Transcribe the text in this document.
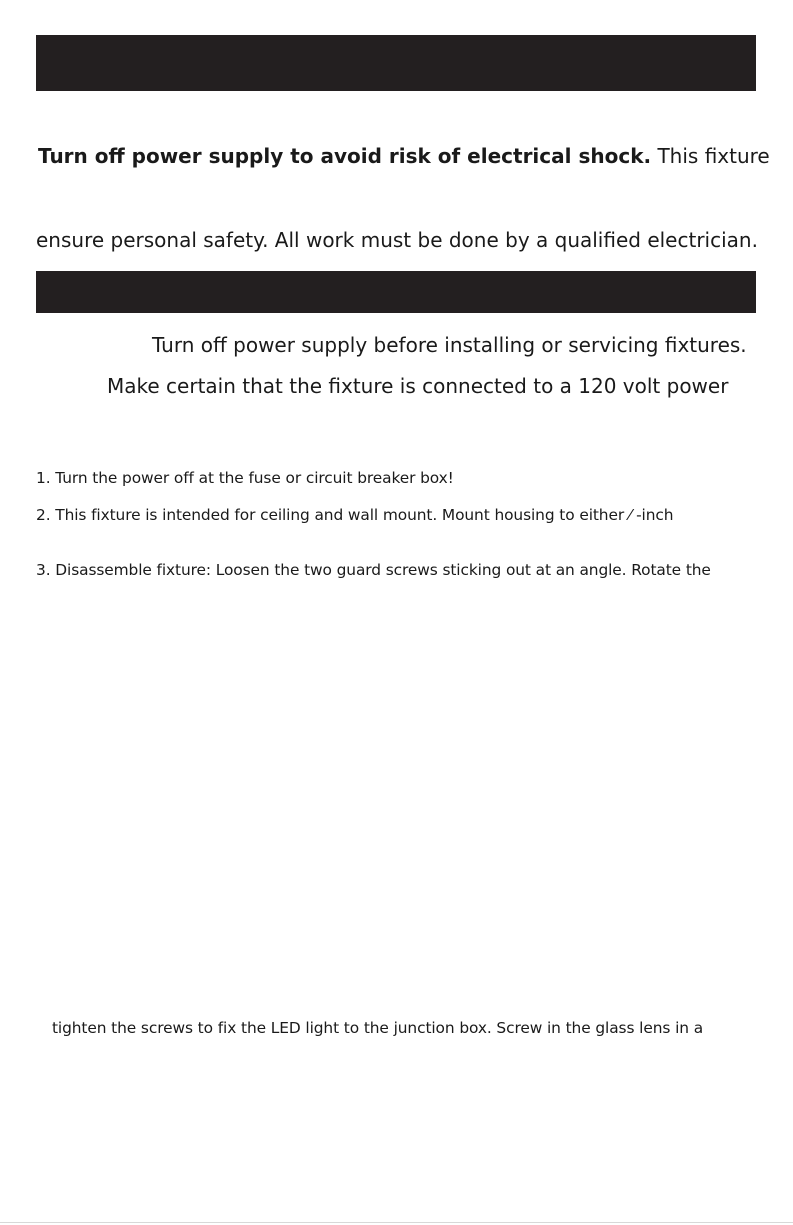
Turn off power supply to avoid risk of electrical shock. This fixture
ensure personal safety. All work must be done by a qualified electrician.
Turn off power supply before installing or servicing fixtures.
Make certain that the fixture is connected to a 120 volt power
1. Turn the power off at the fuse or circuit breaker box!
2. This fixture is intended for ceiling and wall mount. Mount housing to either ⁄ -inch
3. Disassemble fixture: Loosen the two guard screws sticking out at an angle. Rotate the
tighten the screws to fix the LED light to the junction box. Screw in the glass lens in a
